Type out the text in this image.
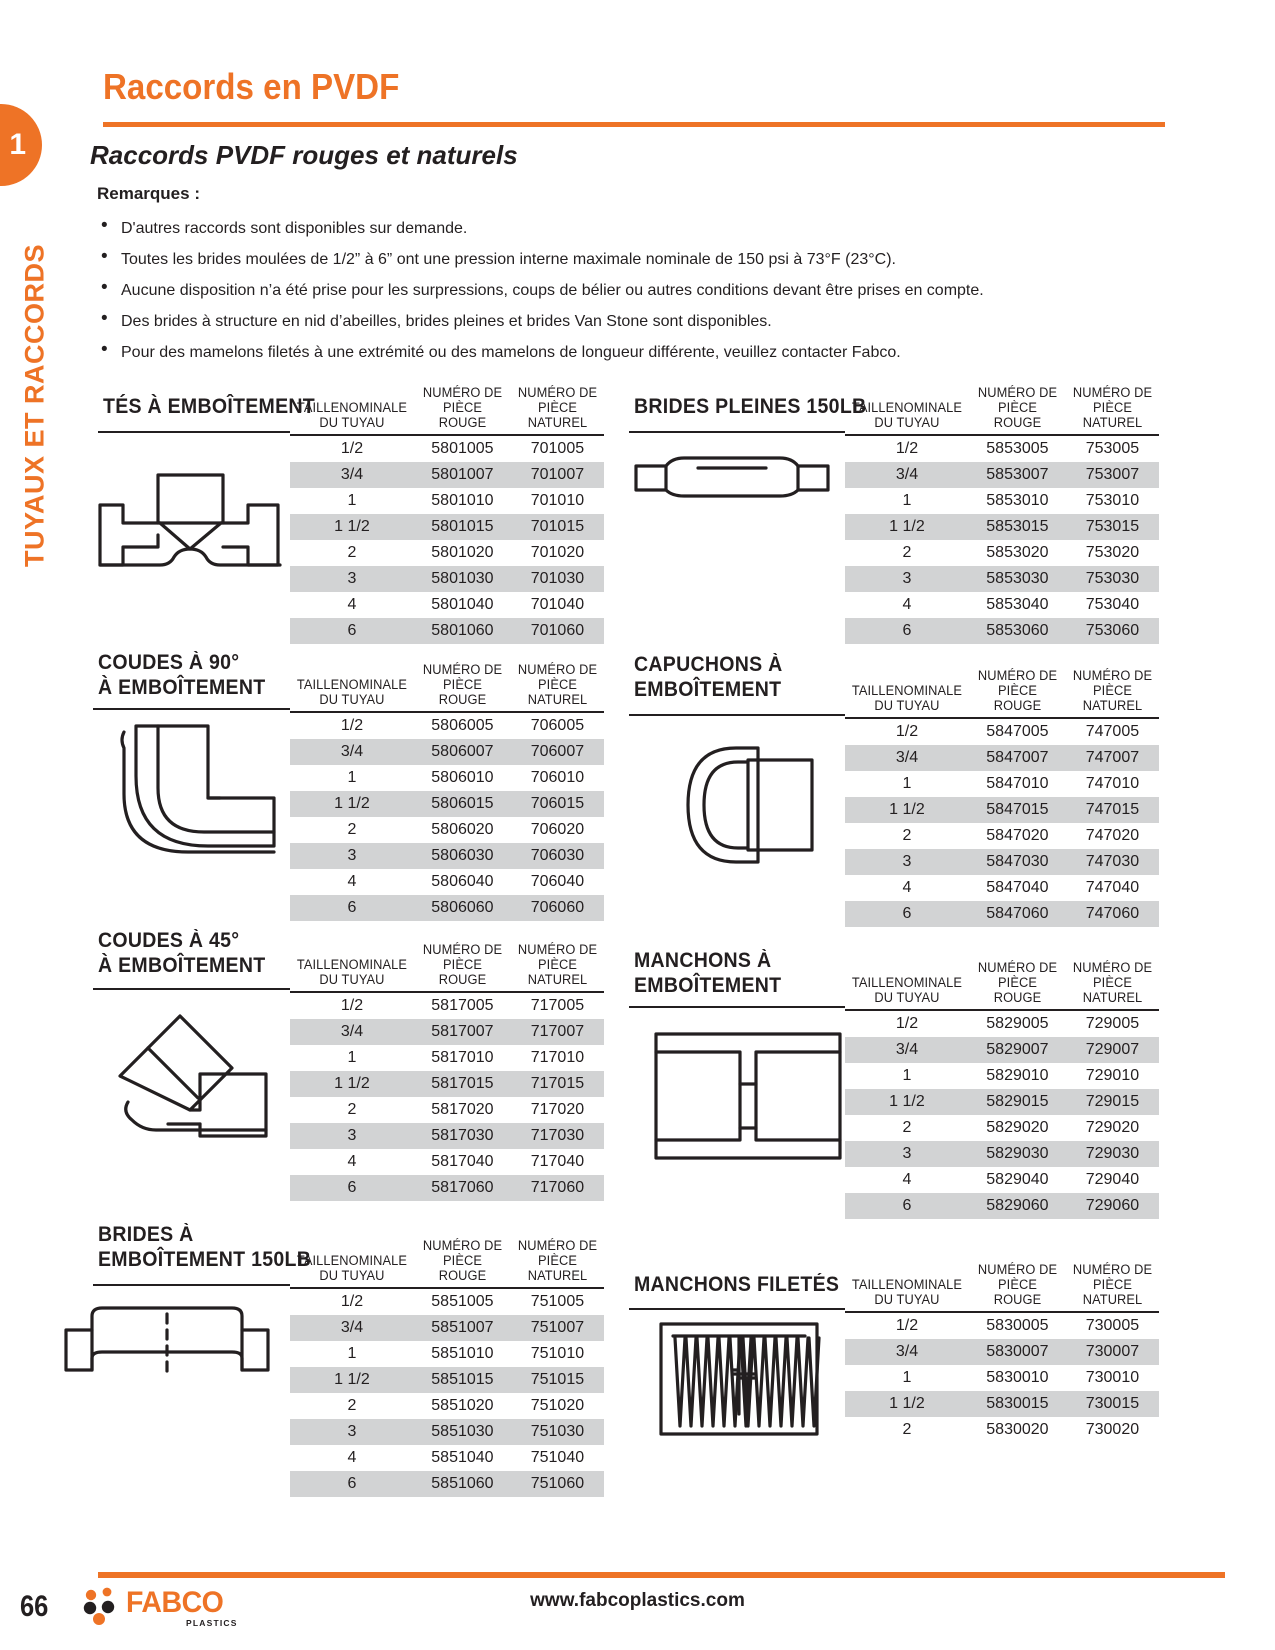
1
TUYAUX ET RACCORDS
Raccords en PVDF
Raccords PVDF rouges et naturels
Remarques :
• D'autres raccords sont disponibles sur demande.
• Toutes les brides moulées de 1/2” à 6” ont une pression interne maximale nominale de 150 psi à 73°F (23°C).
• Aucune disposition n’a été prise pour les surpressions, coups de bélier ou autres conditions devant être prises en compte.
• Des brides à structure en nid d’abeilles, brides pleines et brides Van Stone sont disponibles.
• Pour des mamelons filetés à une extrémité ou des mamelons de longueur différente, veuillez contacter Fabco.
TÉS À EMBOÎTEMENT
TAILLENOMINALE
DU TUYAU

NUMÉRO DE
PIÈCE ROUGE

NUMÉRO DE
PIÈCE NATUREL

1/2	5801005	701005
3/4	5801007	701007
1	5801010	701010
1 1/2	5801015	701015
2	5801020	701020
3	5801030	701030
4	5801040	701040
6	5801060	701060
COUDES À 90°
À EMBOÎTEMENT TAILLENOMINALE
DU TUYAU

NUMÉRO DE
PIÈCE ROUGE

NUMÉRO DE
PIÈCE NATUREL

1/2	5806005	706005
3/4	5806007	706007
1	5806010	706010
1 1/2	5806015	706015
2	5806020	706020
3	5806030	706030
4	5806040	706040
6	5806060	706060
COUDES À 45°
À EMBOÎTEMENT TAILLENOMINALE
DU TUYAU

NUMÉRO DE
PIÈCE ROUGE

NUMÉRO DE
PIÈCE NATUREL

1/2	5817005	717005
3/4	5817007	717007
1	5817010	717010
1 1/2	5817015	717015
2	5817020	717020
3	5817030	717030
4	5817040	717040
6	5817060	717060
BRIDES À
EMBOÎTEMENT 150LB
TAILLENOMINALE
DU TUYAU

NUMÉRO DE
PIÈCE ROUGE

NUMÉRO DE
PIÈCE NATUREL

1/2	5851005	751005
3/4	5851007	751007
1	5851010	751010
1 1/2	5851015	751015
2	5851020	751020
3	5851030	751030
4	5851040	751040
6	5851060	751060
BRIDES PLEINES 150LB
TAILLENOMINALE
DU TUYAU

NUMÉRO DE
PIÈCE ROUGE

NUMÉRO DE
PIÈCE NATUREL

1/2	5853005	753005
3/4	5853007	753007
1	5853010	753010
1 1/2	5853015	753015
2	5853020	753020
3	5853030	753030
4	5853040	753040
6	5853060	753060
CAPUCHONS À
EMBOÎTEMENT	TAILLENOMINALE
DU TUYAU

NUMÉRO DE
PIÈCE ROUGE

NUMÉRO DE
PIÈCE NATUREL

1/2	5847005	747005
3/4	5847007	747007
1	5847010	747010
1 1/2	5847015	747015
2	5847020	747020
3	5847030	747030
4	5847040	747040
6	5847060	747060
MANCHONS À
EMBOÎTEMENT	TAILLENOMINALE
DU TUYAU

NUMÉRO DE
PIÈCE ROUGE

NUMÉRO DE
PIÈCE NATUREL

1/2	5829005	729005
3/4	5829007	729007
1	5829010	729010
1 1/2	5829015	729015
2	5829020	729020
3	5829030	729030
4	5829040	729040
6	5829060	729060
MANCHONS FILETÉS TAILLENOMINALE
DU TUYAU

NUMÉRO DE
PIÈCE ROUGE

NUMÉRO DE
PIÈCE NATUREL

1/2	5830005	730005
3/4	5830007	730007
1	5830010	730010
1 1/2	5830015	730015
2	5830020	730020
66	FABCO
PLASTICS
www.fabcoplastics.com
